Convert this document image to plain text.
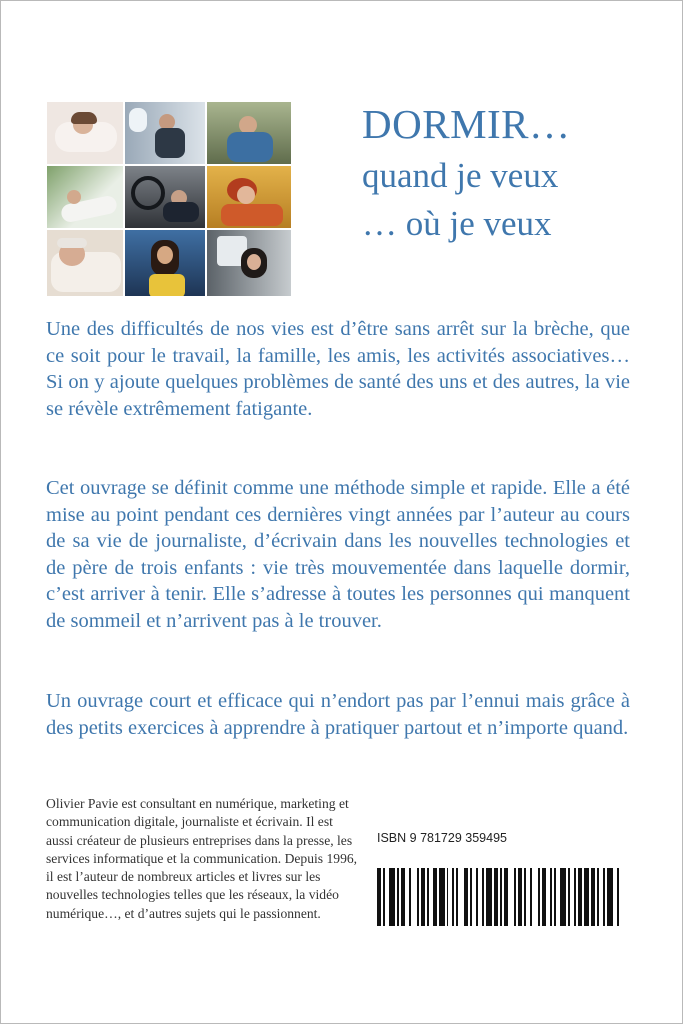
DORMIR…
quand je veux
… où je veux

Une des difficultés de nos vies est d’être sans arrêt sur la brèche, que ce soit pour le travail, la famille, les amis, les activités associatives… Si on y ajoute quelques problèmes de santé des uns et des autres, la vie se révèle extrêmement fatigante.

Cet ouvrage se définit comme une méthode simple et rapide. Elle a été mise au point pendant ces dernières vingt années par l’auteur au cours de sa vie de journaliste, d’écrivain dans les nouvelles technologies et de père de trois enfants : vie très mouvementée dans laquelle dormir, c’est arriver à tenir. Elle s’adresse à toutes les personnes qui manquent de sommeil et n’arrivent pas à le trouver.

Un ouvrage court et efficace qui n’endort pas par l’ennui mais grâce à des petits exercices à apprendre à pratiquer partout et n’importe quand.

Olivier Pavie est consultant en numérique, marketing et communication digitale, journaliste et écrivain. Il est aussi créateur de plusieurs entreprises dans la presse, les services informatique et la communication. Depuis 1996, il est l’auteur de nombreux articles et livres sur les nouvelles technologies telles que les réseaux, la vidéo numérique…, et d’autres sujets qui le passionnent.

ISBN 9 781729 359495
